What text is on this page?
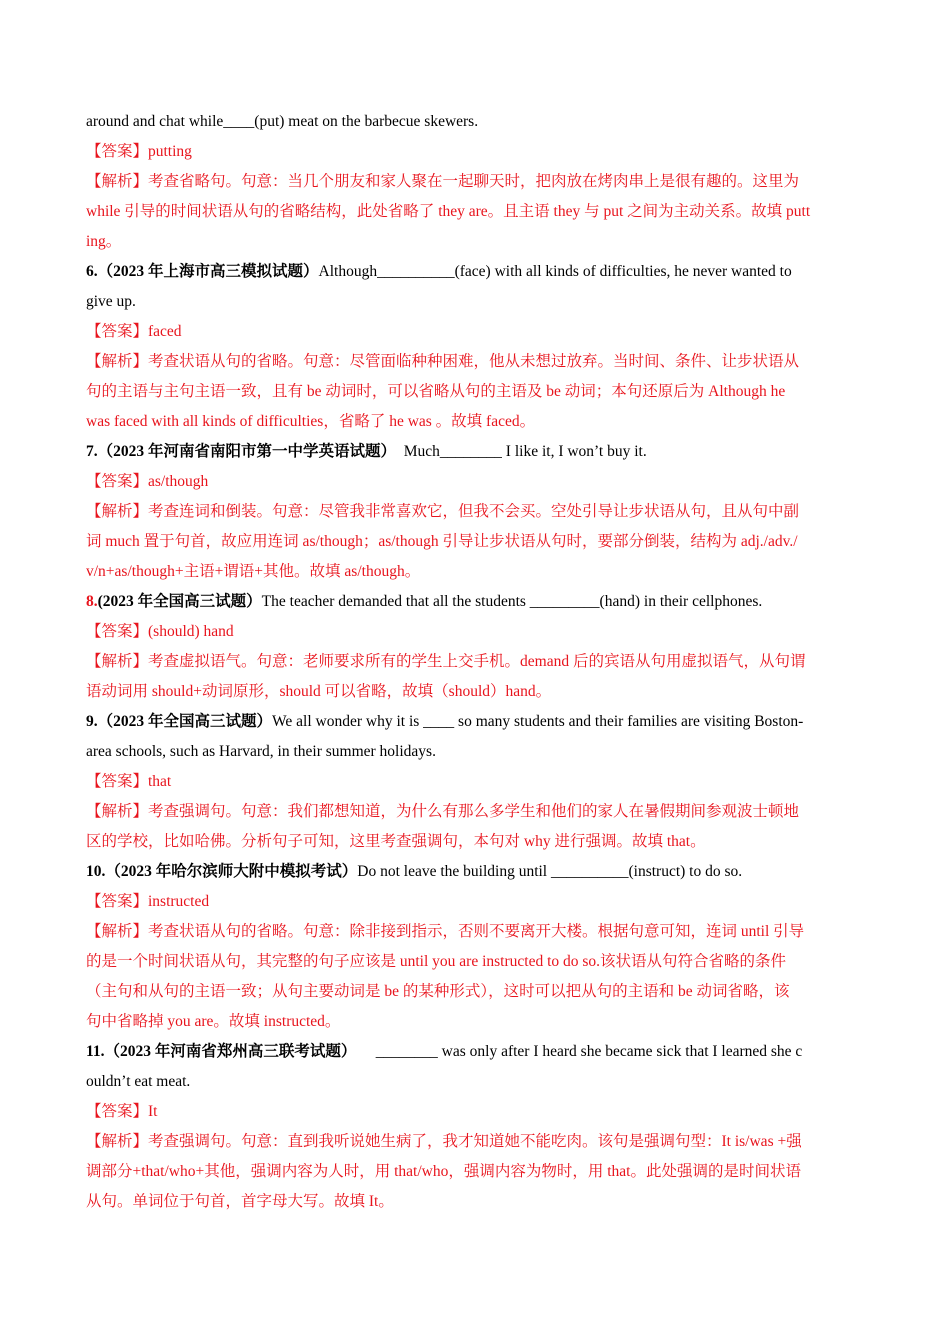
around and chat while____(put) meat on the barbecue skewers.
【答案】putting
【解析】考查省略句。句意：当几个朋友和家人聚在一起聊天时，把肉放在烤肉串上是很有趣的。这里为
while 引导的时间状语从句的省略结构，此处省略了 they are。且主语 they 与 put 之间为主动关系。故填 putt
ing。
6.（2023 年上海市高三模拟试题）Although__________(face) with all kinds of difficulties, he never wanted to
give up.
【答案】faced
【解析】考查状语从句的省略。句意：尽管面临种种困难，他从未想过放弃。当时间、条件、让步状语从
句的主语与主句主语一致，且有 be 动词时，可以省略从句的主语及 be 动词；本句还原后为 Although he
was faced with all kinds of difficulties，省略了 he was 。故填 faced。
7.（2023 年河南省南阳市第一中学英语试题）  Much________ I like it, I won’t buy it.
【答案】as/though
【解析】考查连词和倒装。句意：尽管我非常喜欢它，但我不会买。空处引导让步状语从句，且从句中副
词 much 置于句首，故应用连词 as/though；as/though 引导让步状语从句时，要部分倒装，结构为 adj./adv./
v/n+as/though+主语+谓语+其他。故填 as/though。
8.(2023 年全国高三试题）The teacher demanded that all the students _________(hand) in their cellphones.
【答案】(should) hand
【解析】考查虚拟语气。句意：老师要求所有的学生上交手机。demand 后的宾语从句用虚拟语气，从句谓
语动词用 should+动词原形，should 可以省略，故填（should）hand。
9.（2023 年全国高三试题）We all wonder why it is ____ so many students and their families are visiting Boston-
area schools, such as Harvard, in their summer holidays.
【答案】that
【解析】考查强调句。句意：我们都想知道，为什么有那么多学生和他们的家人在暑假期间参观波士顿地
区的学校，比如哈佛。分析句子可知，这里考查强调句，本句对 why 进行强调。故填 that。
10.（2023 年哈尔滨师大附中模拟考试）Do not leave the building until __________(instruct) to do so.
【答案】instructed
【解析】考查状语从句的省略。句意：除非接到指示，否则不要离开大楼。根据句意可知，连词 until 引导
的是一个时间状语从句，其完整的句子应该是 until you are instructed to do so.该状语从句符合省略的条件
（主句和从句的主语一致；从句主要动词是 be 的某种形式），这时可以把从句的主语和 be 动词省略，该
句中省略掉 you are。故填 instructed。
11.（2023 年河南省郑州高三联考试题）     ________ was only after I heard she became sick that I learned she c
ouldn’t eat meat.
【答案】It
【解析】考查强调句。句意：直到我听说她生病了，我才知道她不能吃肉。该句是强调句型：It is/was +强
调部分+that/who+其他，强调内容为人时，用 that/who，强调内容为物时，用 that。此处强调的是时间状语
从句。单词位于句首，首字母大写。故填 It。
